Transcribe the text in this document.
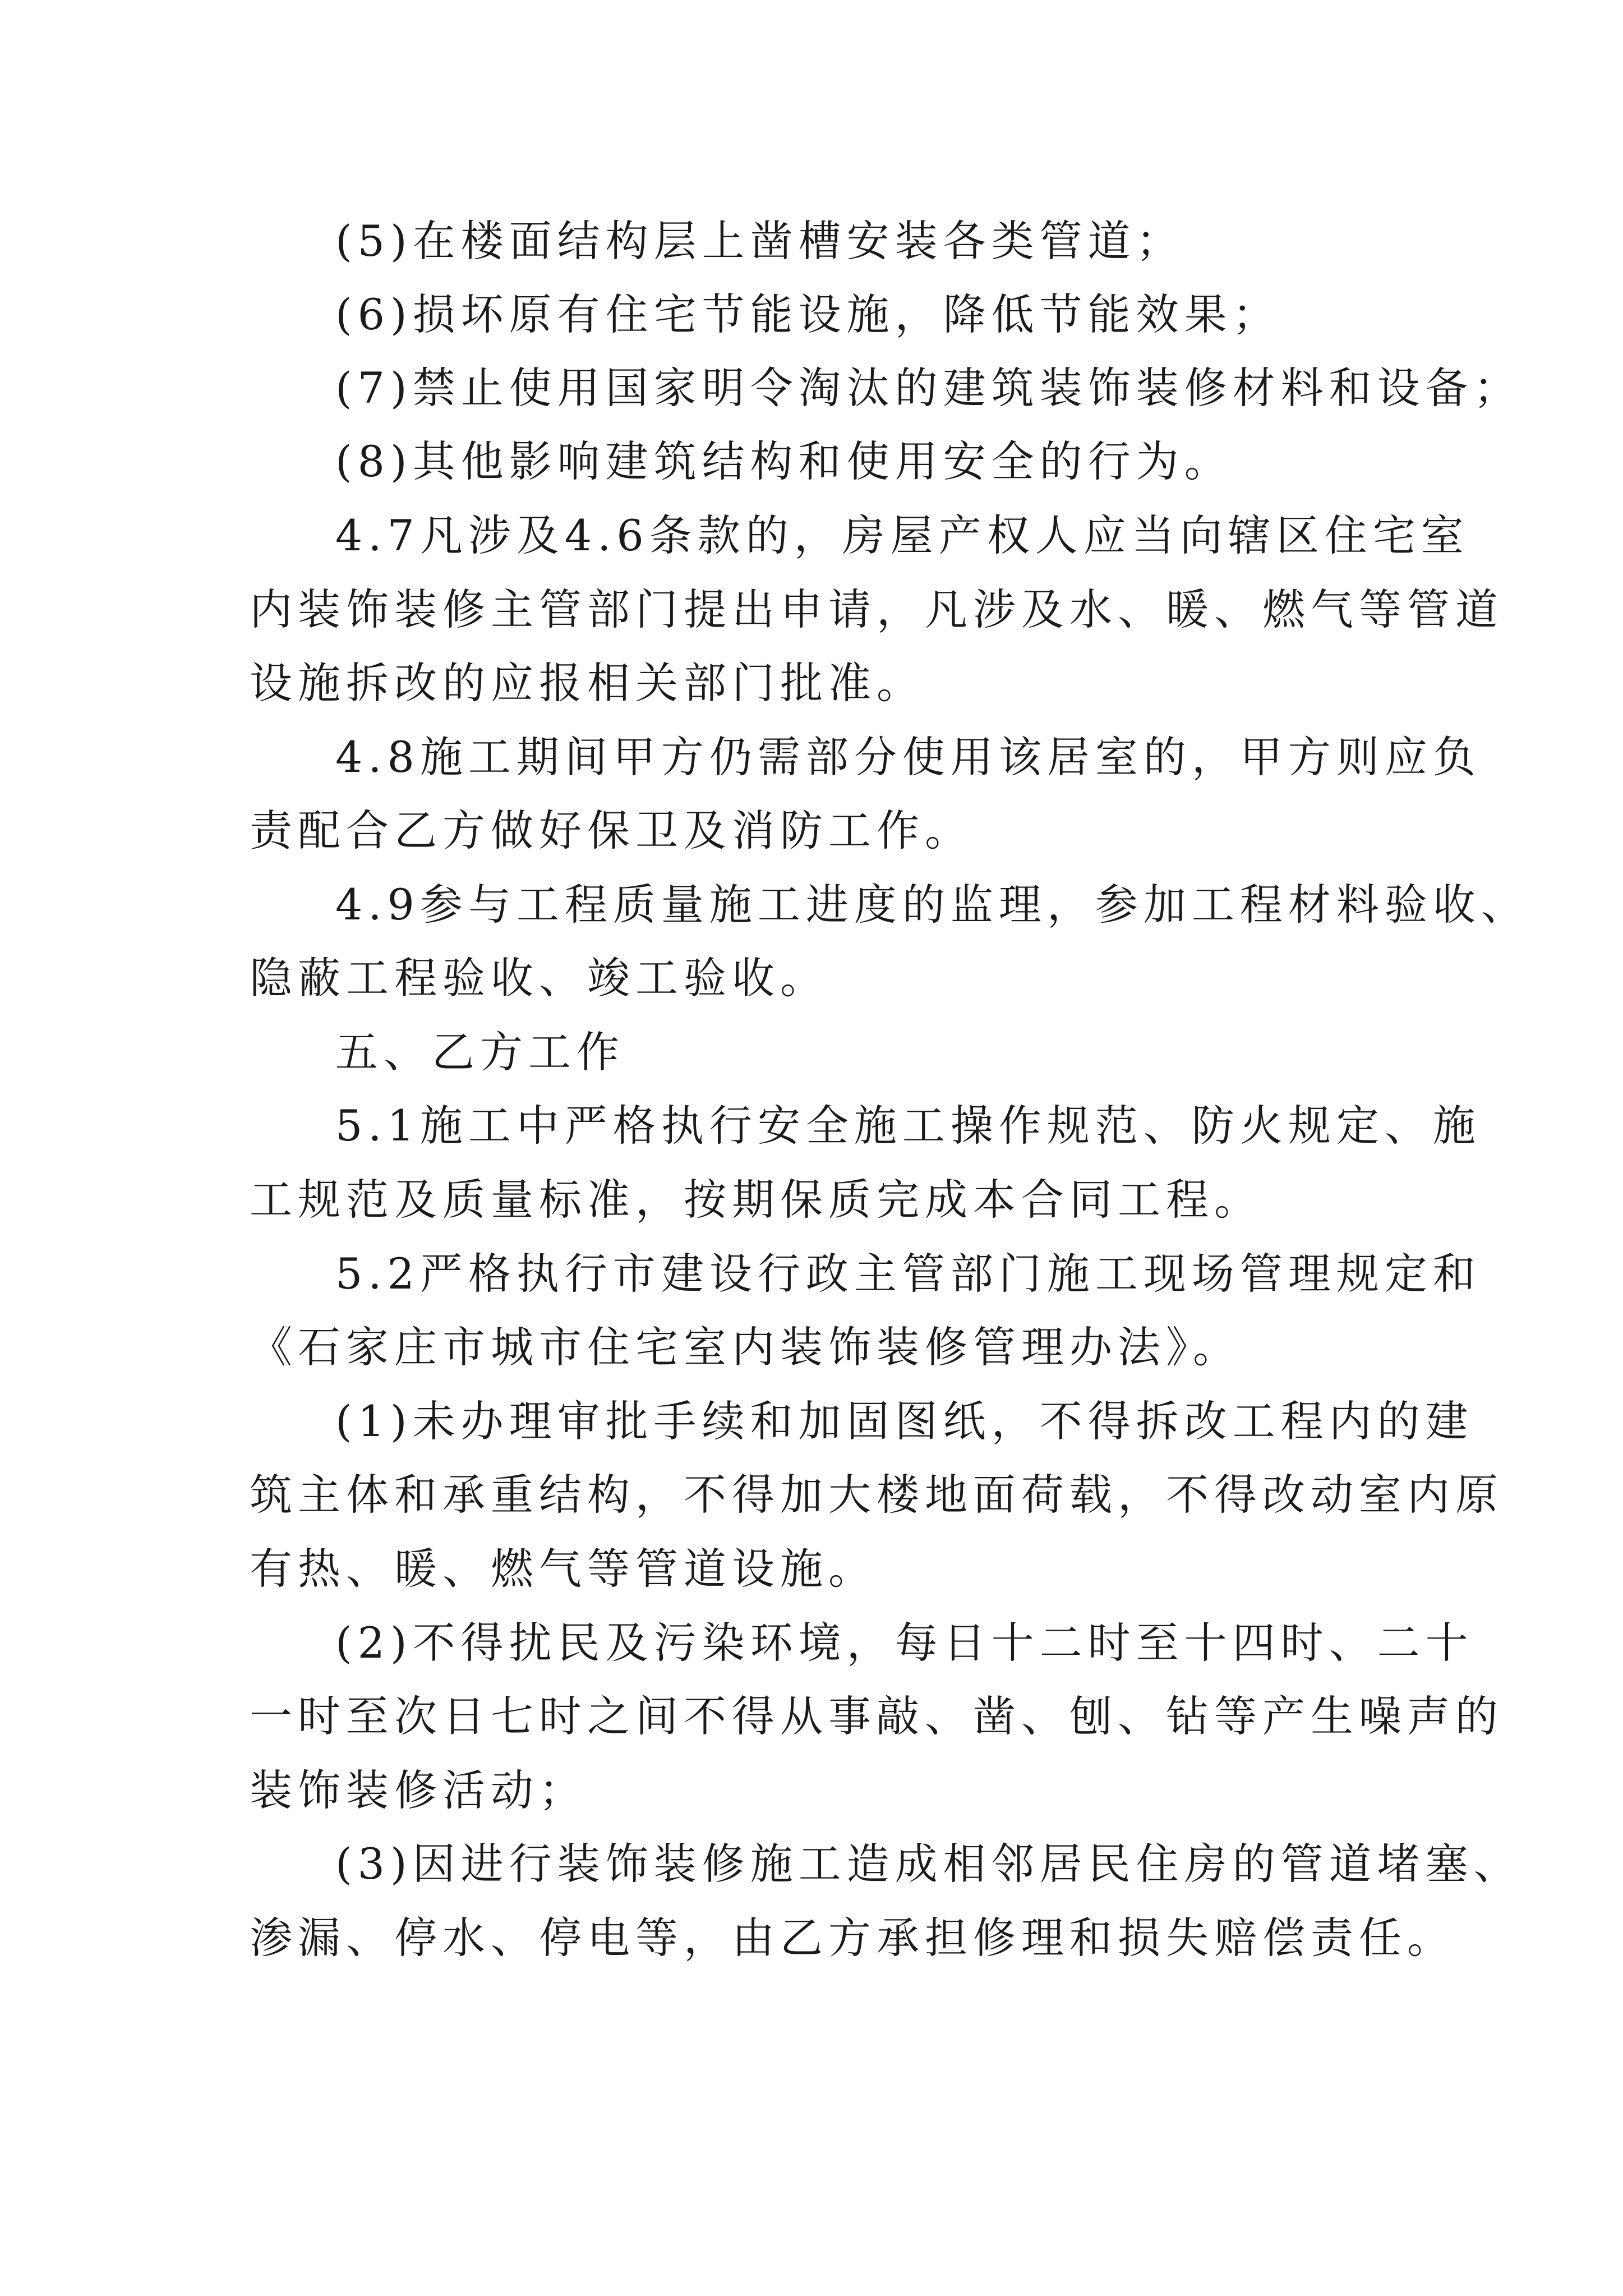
(5)在楼面结构层上凿槽安装各类管道；
(6)损坏原有住宅节能设施，降低节能效果；
(7)禁止使用国家明令淘汰的建筑装饰装修材料和设备；
(8)其他影响建筑结构和使用安全的行为。
4.7凡涉及4.6条款的，房屋产权人应当向辖区住宅室
内装饰装修主管部门提出申请，凡涉及水、暖、燃气等管道
设施拆改的应报相关部门批准。
4.8施工期间甲方仍需部分使用该居室的，甲方则应负
责配合乙方做好保卫及消防工作。
4.9参与工程质量施工进度的监理，参加工程材料验收、
隐蔽工程验收、竣工验收。
五、乙方工作
5.1施工中严格执行安全施工操作规范、防火规定、施
工规范及质量标准，按期保质完成本合同工程。
5.2严格执行市建设行政主管部门施工现场管理规定和
《石家庄市城市住宅室内装饰装修管理办法》。
(1)未办理审批手续和加固图纸，不得拆改工程内的建
筑主体和承重结构，不得加大楼地面荷载，不得改动室内原
有热、暖、燃气等管道设施。
(2)不得扰民及污染环境，每日十二时至十四时、二十
一时至次日七时之间不得从事敲、凿、刨、钻等产生噪声的
装饰装修活动；
(3)因进行装饰装修施工造成相邻居民住房的管道堵塞、
渗漏、停水、停电等，由乙方承担修理和损失赔偿责任。
